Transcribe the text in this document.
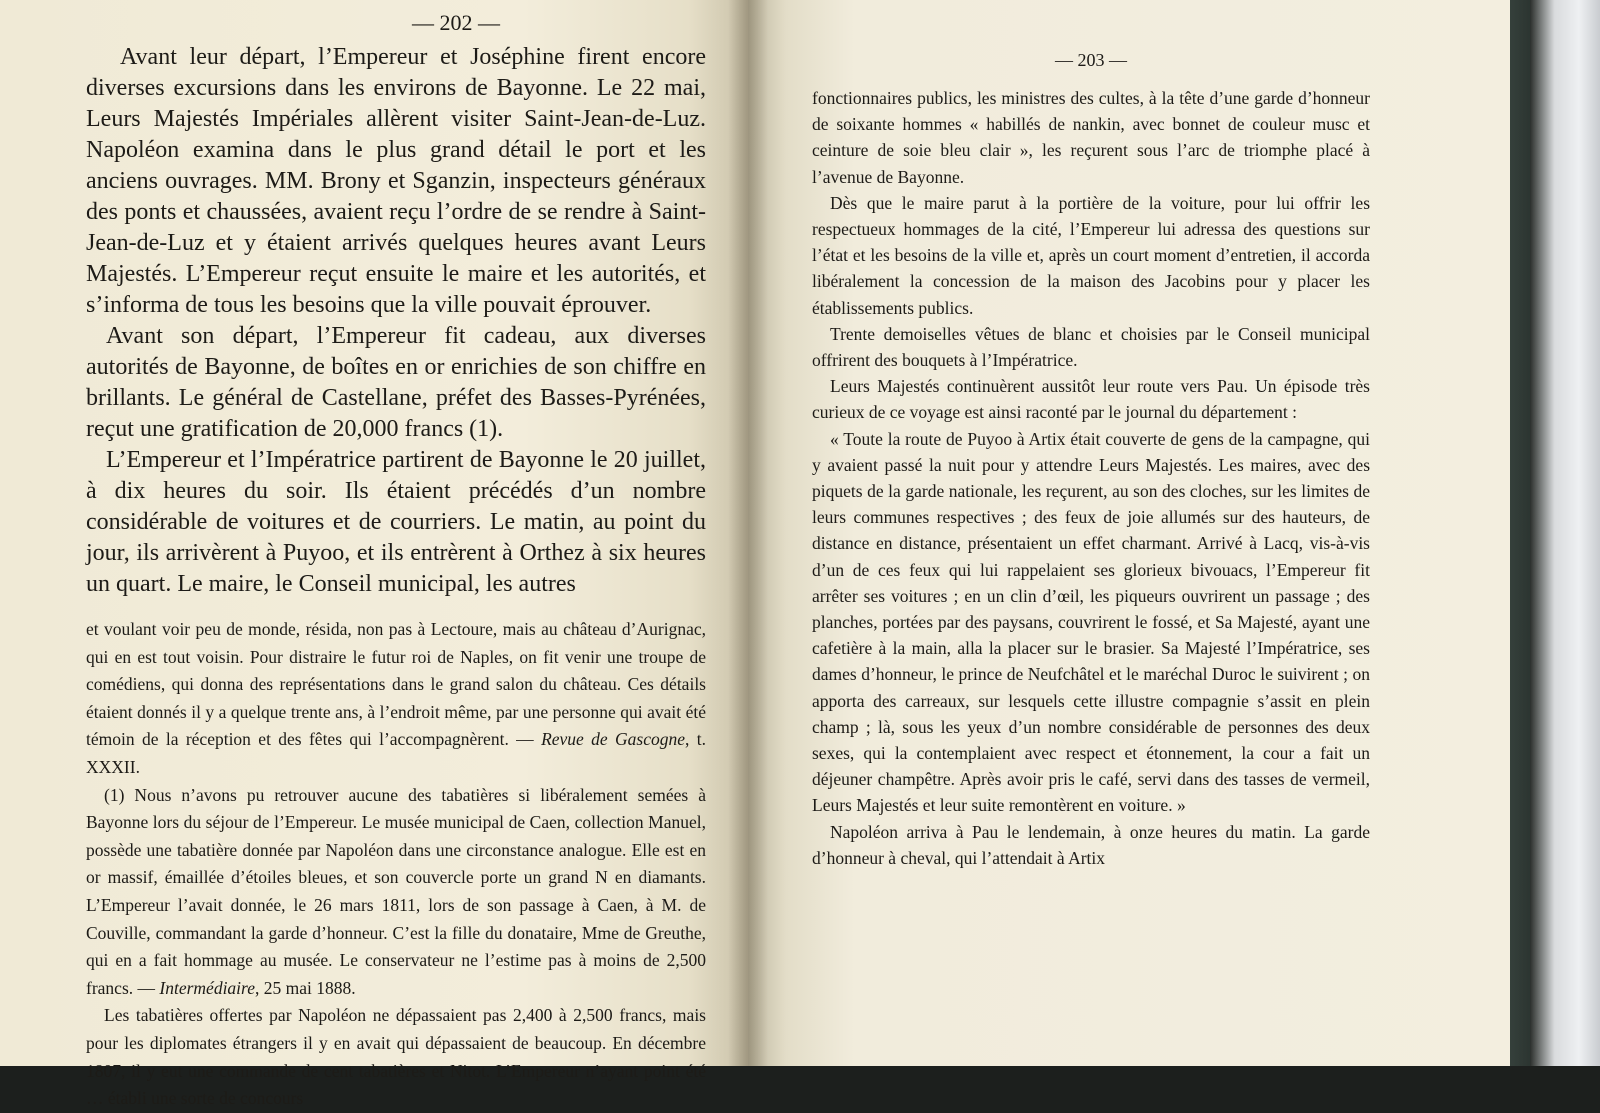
— 202 —

Avant leur départ, l’Empereur et Joséphine firent encore diverses excursions dans les environs de Bayonne. Le 22 mai, Leurs Majestés Impériales allèrent visiter Saint-Jean-de-Luz. Napoléon examina dans le plus grand détail le port et les anciens ouvrages. MM. Brony et Sganzin, inspecteurs généraux des ponts et chaussées, avaient reçu l’ordre de se rendre à Saint-Jean-de-Luz et y étaient arrivés quelques heures avant Leurs Majestés. L’Empereur reçut ensuite le maire et les autorités, et s’informa de tous les besoins que la ville pouvait éprouver.

Avant son départ, l’Empereur fit cadeau, aux diverses autorités de Bayonne, de boîtes en or enrichies de son chiffre en brillants. Le général de Castellane, préfet des Basses-Pyrénées, reçut une gratification de 20,000 francs (1).

L’Empereur et l’Impératrice partirent de Bayonne le 20 juillet, à dix heures du soir. Ils étaient précédés d’un nombre considérable de voitures et de courriers. Le matin, au point du jour, ils arrivèrent à Puyoo, et ils entrèrent à Orthez à six heures un quart. Le maire, le Conseil municipal, les autres

et voulant voir peu de monde, résida, non pas à Lectoure, mais au château d’Aurignac, qui en est tout voisin. Pour distraire le futur roi de Naples, on fit venir une troupe de comédiens, qui donna des représentations dans le grand salon du château. Ces détails étaient donnés il y a quelque trente ans, à l’endroit même, par une personne qui avait été témoin de la réception et des fêtes qui l’accompagnèrent. — Revue de Gascogne, t. XXXII.

(1) Nous n’avons pu retrouver aucune des tabatières si libéralement semées à Bayonne lors du séjour de l’Empereur. Le musée municipal de Caen, collection Manuel, possède une tabatière donnée par Napoléon dans une circonstance analogue. Elle est en or massif, émaillée d’étoiles bleues, et son couvercle porte un grand N en diamants. L’Empereur l’avait donnée, le 26 mars 1811, lors de son passage à Caen, à M. de Couville, commandant la garde d’honneur. C’est la fille du donataire, Mme de Greuthe, qui en a fait hommage au musée. Le conservateur ne l’estime pas à moins de 2,500 francs. — Intermédiaire, 25 mai 1888.

Les tabatières offertes par Napoléon ne dépassaient pas 2,400 à 2,500 francs, mais pour les diplomates étrangers il y en avait qui dépassaient de beaucoup. En décembre 1807, il y eut une commande de cent tabatières et Nitot. L’Empereur n’ayant point été … établi une sorte de concours

— 203 —

fonctionnaires publics, les ministres des cultes, à la tête d’une garde d’honneur de soixante hommes « habillés de nankin, avec bonnet de couleur musc et ceinture de soie bleu clair », les reçurent sous l’arc de triomphe placé à l’avenue de Bayonne.

Dès que le maire parut à la portière de la voiture, pour lui offrir les respectueux hommages de la cité, l’Empereur lui adressa des questions sur l’état et les besoins de la ville et, après un court moment d’entretien, il accorda libéralement la concession de la maison des Jacobins pour y placer les établissements publics.

Trente demoiselles vêtues de blanc et choisies par le Conseil municipal offrirent des bouquets à l’Impératrice.

Leurs Majestés continuèrent aussitôt leur route vers Pau. Un épisode très curieux de ce voyage est ainsi raconté par le journal du département :

« Toute la route de Puyoo à Artix était couverte de gens de la campagne, qui y avaient passé la nuit pour y attendre Leurs Majestés. Les maires, avec des piquets de la garde nationale, les reçurent, au son des cloches, sur les limites de leurs communes respectives ; des feux de joie allumés sur des hauteurs, de distance en distance, présentaient un effet charmant. Arrivé à Lacq, vis-à-vis d’un de ces feux qui lui rappelaient ses glorieux bivouacs, l’Empereur fit arrêter ses voitures ; en un clin d’œil, les piqueurs ouvrirent un passage ; des planches, portées par des paysans, couvrirent le fossé, et Sa Majesté, ayant une cafetière à la main, alla la placer sur le brasier. Sa Majesté l’Impératrice, ses dames d’honneur, le prince de Neufchâtel et le maréchal Duroc le suivirent ; on apporta des carreaux, sur lesquels cette illustre compagnie s’assit en plein champ ; là, sous les yeux d’un nombre considérable de personnes des deux sexes, qui la contemplaient avec respect et étonnement, la cour a fait un déjeuner champêtre. Après avoir pris le café, servi dans des tasses de vermeil, Leurs Majestés et leur suite remontèrent en voiture. »

Napoléon arriva à Pau le lendemain, à onze heures du matin. La garde d’honneur à cheval, qui l’attendait à Artix
